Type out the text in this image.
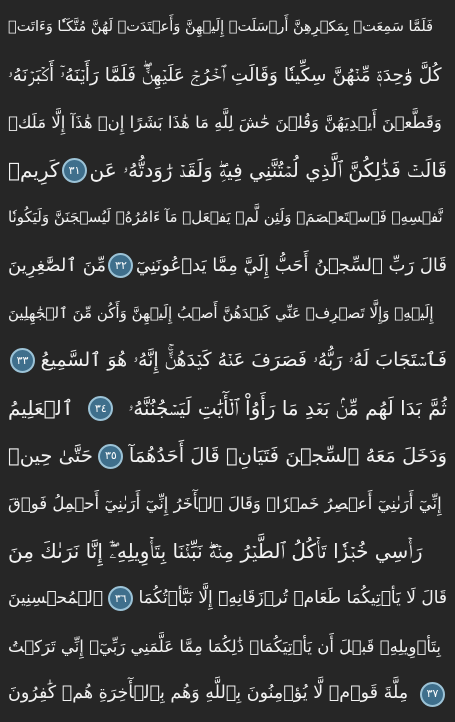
فَلَمَّا سَمِعَتۡ بِمَكۡرِهِنَّ أَرۡسَلَتۡ إِلَيۡهِنَّ وَأَعۡتَدَتۡ لَهُنَّ مُتَّكَـٔٗا وَءَاتَتۡ
كُلَّ وَٰحِدَةٖ مِّنۡهُنَّ سِكِّينٗا وَقَالَتِ ٱخۡرُجۡ عَلَيۡهِنَّۖ فَلَمَّا رَأَيۡنَهُۥٓ أَكۡبَرۡنَهُۥ
وَقَطَّعۡنَ أَيۡدِيَهُنَّ وَقُلۡنَ حَٰشَ لِلَّهِ مَا هَٰذَا بَشَرًا إِنۡ هَٰذَآ إِلَّا مَلَكٞ
كَرِيمٞ ٣١ قَالَتۡ فَذَٰلِكُنَّ ٱلَّذِي لُمۡتُنَّنِي فِيهِۖ وَلَقَدۡ رَٰوَدتُّهُۥ عَن
نَّفۡسِهِۦ فَٱسۡتَعۡصَمَۖ وَلَئِن لَّمۡ يَفۡعَلۡ مَآ ءَامُرُهُۥ لَيُسۡجَنَنَّ وَلَيَكُونٗا
مِّنَ ٱلصَّٰغِرِينَ ٣٢ قَالَ رَبِّ ٱلسِّجۡنُ أَحَبُّ إِلَيَّ مِمَّا يَدۡعُونَنِيٓ
إِلَيۡهِۖ وَإِلَّا تَصۡرِفۡ عَنِّي كَيۡدَهُنَّ أَصۡبُ إِلَيۡهِنَّ وَأَكُن مِّنَ ٱلۡجَٰهِلِينَ
٣٣ فَٱسۡتَجَابَ لَهُۥ رَبُّهُۥ فَصَرَفَ عَنۡهُ كَيۡدَهُنَّۚ إِنَّهُۥ هُوَ ٱلسَّمِيعُ
ٱلۡعَلِيمُ	٣٤	ثُمَّ بَدَا لَهُم مِّنۢ بَعۡدِ مَا رَأَوُاْ ٱلۡأٓيَٰتِ لَيَسۡجُنُنَّهُۥ
حَتَّىٰ حِينٖ	٣٥ وَدَخَلَ مَعَهُ ٱلسِّجۡنَ فَتَيَانِۖ قَالَ أَحَدُهُمَآ
إِنِّيٓ أَرَىٰنِيٓ أَعۡصِرُ خَمۡرٗاۖ وَقَالَ ٱلۡأٓخَرُ إِنِّيٓ أَرَىٰنِيٓ أَحۡمِلُ فَوۡقَ
رَأۡسِي خُبۡزٗا تَأۡكُلُ ٱلطَّيۡرُ مِنۡهُۖ نَبِّئۡنَا بِتَأۡوِيلِهِۦٓۖ إِنَّا نَرَىٰكَ مِنَ
ٱلۡمُحۡسِنِينَ	٣٦ قَالَ لَا يَأۡتِيكُمَا طَعَامٞ تُرۡزَقَانِهِۦٓ إِلَّا نَبَّأۡتُكُمَا
بِتَأۡوِيلِهِۦ قَبۡلَ أَن يَأۡتِيَكُمَاۚ ذَٰلِكُمَا مِمَّا عَلَّمَنِي رَبِّيٓۚ إِنِّي تَرَكۡتُ
مِلَّةَ قَوۡمٖ لَّا يُؤۡمِنُونَ بِٱللَّهِ وَهُم بِٱلۡأٓخِرَةِ هُمۡ كَٰفِرُونَ	٣٧
